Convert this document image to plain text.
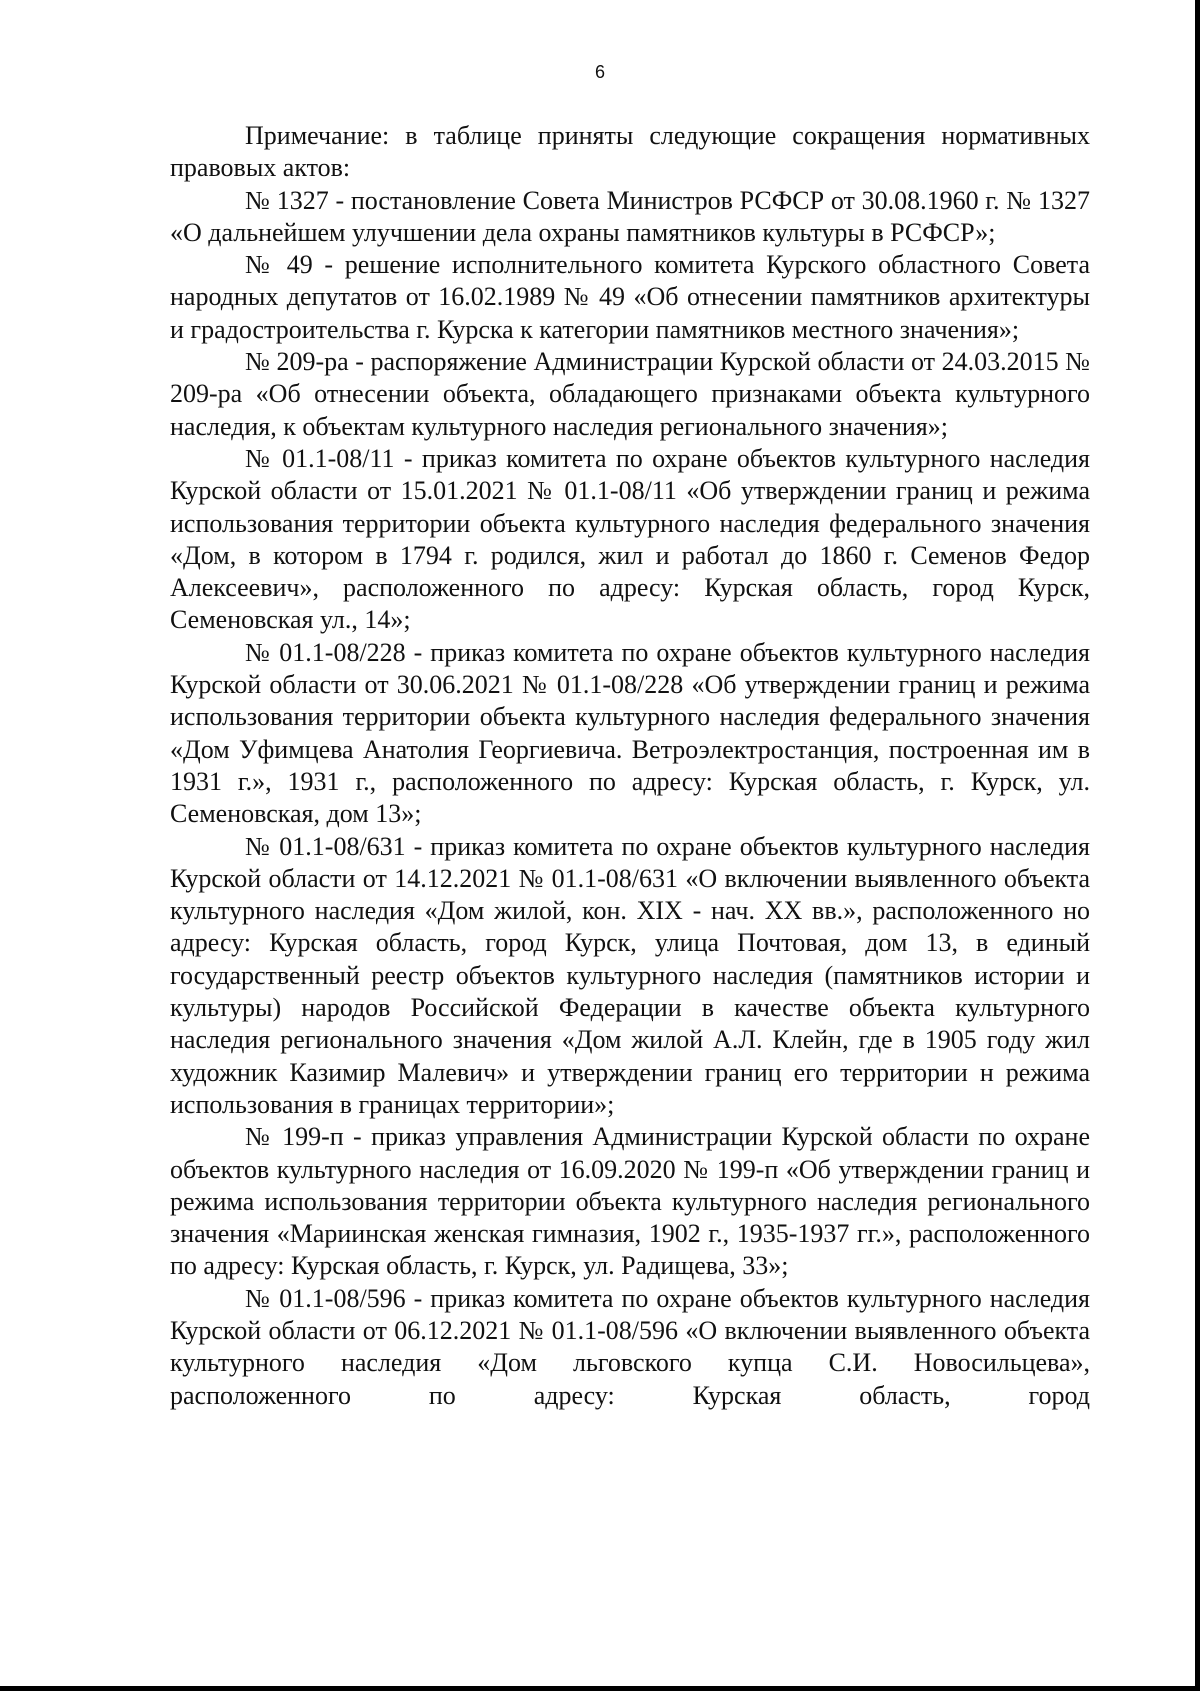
6

Примечание: в таблице приняты следующие сокращения нормативных правовых актов:

№ 1327 - постановление Совета Министров РСФСР от 30.08.1960 г. № 1327 «О дальнейшем улучшении дела охраны памятников культуры в РСФСР»;

№ 49 - решение исполнительного комитета Курского областного Совета народных депутатов от 16.02.1989 № 49 «Об отнесении памятников архитектуры и градостроительства г. Курска к категории памятников местного значения»;

№ 209-ра - распоряжение Администрации Курской области от 24.03.2015 № 209-ра «Об отнесении объекта, обладающего признаками объекта культурного наследия, к объектам культурного наследия регионального значения»;

№ 01.1-08/11 - приказ комитета по охране объектов культурного наследия Курской области от 15.01.2021 № 01.1-08/11 «Об утверждении границ и режима использования территории объекта культурного наследия федерального значения «Дом, в котором в 1794 г. родился, жил и работал до 1860 г. Семенов Федор Алексеевич», расположенного по адресу: Курская область, город Курск, Семеновская ул., 14»;

№ 01.1-08/228 - приказ комитета по охране объектов культурного наследия Курской области от 30.06.2021 № 01.1-08/228 «Об утверждении границ и режима использования территории объекта культурного наследия федерального значения «Дом Уфимцева Анатолия Георгиевича. Ветроэлектростанция, построенная им в 1931 г.», 1931 г., расположенного по адресу: Курская область, г. Курск, ул. Семеновская, дом 13»;

№ 01.1-08/631 - приказ комитета по охране объектов культурного наследия Курской области от 14.12.2021 № 01.1-08/631 «О включении выявленного объекта культурного наследия «Дом жилой, кон. XIX - нач. XX вв.», расположенного но адресу: Курская область, город Курск, улица Почтовая, дом 13, в единый государственный реестр объектов культурного наследия (памятников истории и культуры) народов Российской Федерации в качестве объекта культурного наследия регионального значения «Дом жилой А.Л. Клейн, где в 1905 году жил художник Казимир Малевич» и утверждении границ его территории н режима использования в границах территории»;

№ 199-п - приказ управления Администрации Курской области по охране объектов культурного наследия от 16.09.2020 № 199-п «Об утверждении границ и режима использования территории объекта культурного наследия регионального значения «Мариинская женская гимназия, 1902 г., 1935-1937 гг.», расположенного по адресу: Курская область, г. Курск, ул. Радищева, 33»;

№ 01.1-08/596 - приказ комитета по охране объектов культурного наследия Курской области от 06.12.2021 № 01.1-08/596 «О включении выявленного объекта культурного наследия «Дом льговского купца С.И. Новосильцева», расположенного по адресу: Курская область, город
